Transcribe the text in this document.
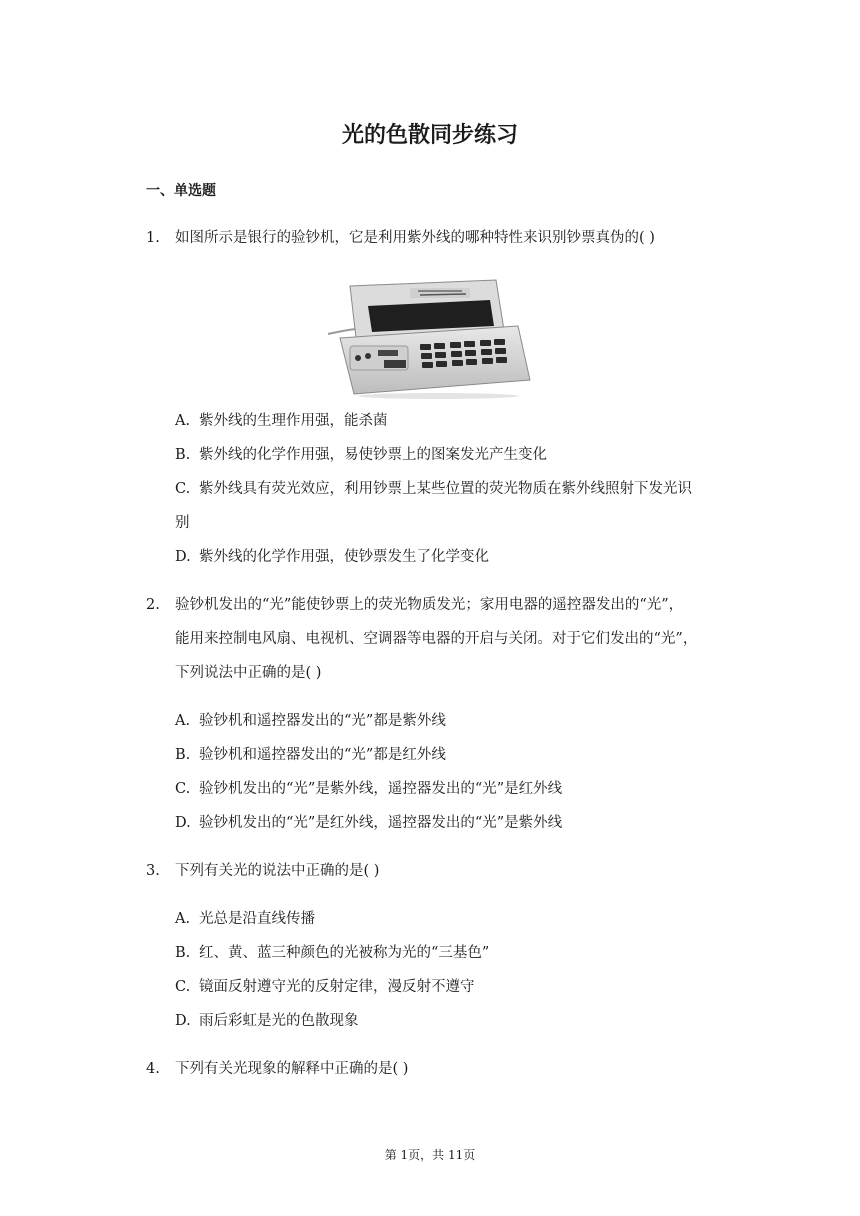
光的色散同步练习
一、单选题
1. 如图所示是银行的验钞机，它是利用紫外线的哪种特性来识别钞票真伪的( )
A. 紫外线的生理作用强，能杀菌
B. 紫外线的化学作用强，易使钞票上的图案发光产生变化
C. 紫外线具有荧光效应，利用钞票上某些位置的荧光物质在紫外线照射下发光识
别
D. 紫外线的化学作用强，使钞票发生了化学变化
2. 验钞机发出的“光”能使钞票上的荧光物质发光；家用电器的遥控器发出的“光”，
能用来控制电风扇、电视机、空调器等电器的开启与关闭。对于它们发出的“光”，
下列说法中正确的是( )
A. 验钞机和遥控器发出的“光”都是紫外线
B. 验钞机和遥控器发出的“光”都是红外线
C. 验钞机发出的“光”是紫外线，遥控器发出的“光”是红外线
D. 验钞机发出的“光”是红外线，遥控器发出的“光”是紫外线
3. 下列有关光的说法中正确的是( )
A. 光总是沿直线传播
B. 红、黄、蓝三种颜色的光被称为光的“三基色”
C. 镜面反射遵守光的反射定律，漫反射不遵守
D. 雨后彩虹是光的色散现象
4. 下列有关光现象的解释中正确的是( )
第 1页，共 11页
